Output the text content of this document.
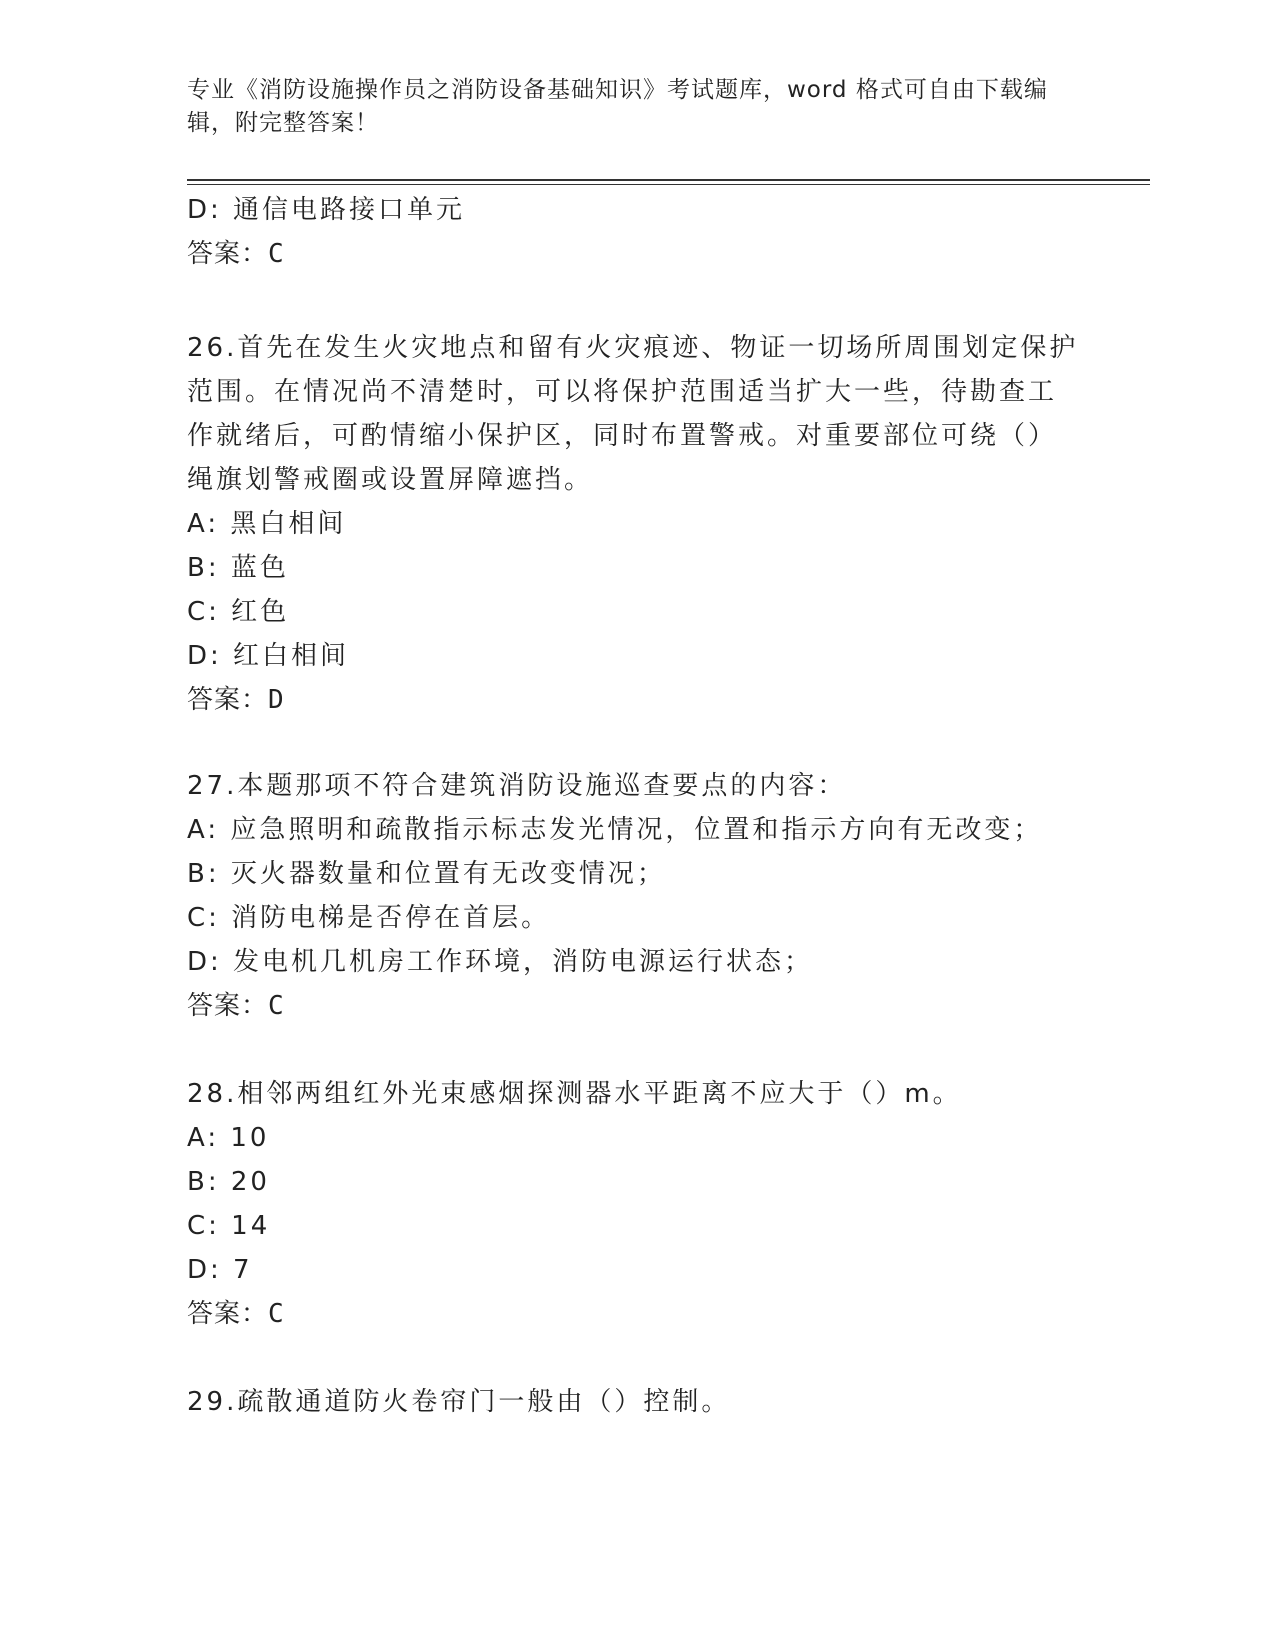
专业《消防设施操作员之消防设备基础知识》考试题库，word 格式可自由下载编
辑，附完整答案！
D: 通信电路接口单元
答案：C
26.首先在发生火灾地点和留有火灾痕迹、物证一切场所周围划定保护
范围。在情况尚不清楚时，可以将保护范围适当扩大一些，待勘查工
作就绪后，可酌情缩小保护区，同时布置警戒。对重要部位可绕（）
绳旗划警戒圈或设置屏障遮挡。
A: 黑白相间
B: 蓝色
C: 红色
D: 红白相间
答案：D
27.本题那项不符合建筑消防设施巡查要点的内容：
A: 应急照明和疏散指示标志发光情况，位置和指示方向有无改变；
B: 灭火器数量和位置有无改变情况；
C: 消防电梯是否停在首层。
D: 发电机几机房工作环境，消防电源运行状态；
答案：C
28.相邻两组红外光束感烟探测器水平距离不应大于（）m。
A: 10
B: 20
C: 14
D: 7
答案：C
29.疏散通道防火卷帘门一般由（）控制。
